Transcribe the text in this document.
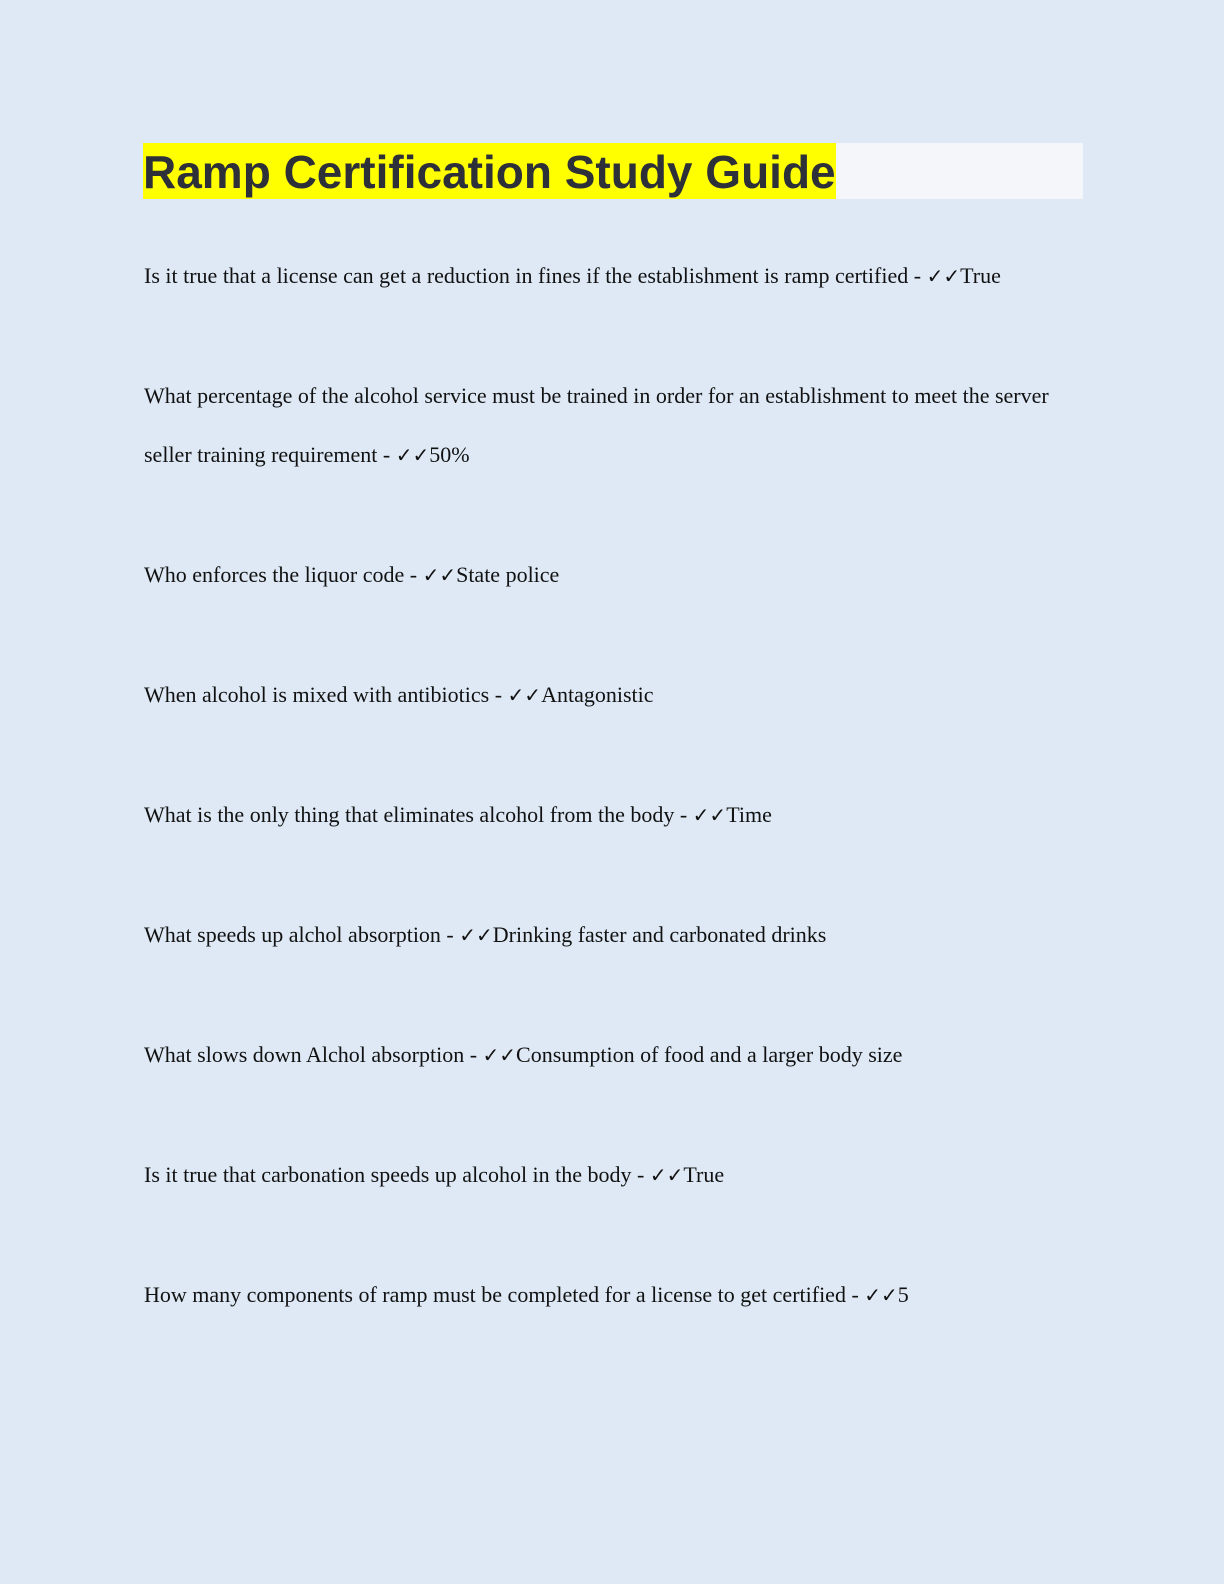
Ramp Certification Study Guide
Is it true that a license can get a reduction in fines if the establishment is ramp certified - ✓✓True
What percentage of the alcohol service must be trained in order for an establishment to meet the server seller training requirement - ✓✓50%
Who enforces the liquor code - ✓✓State police
When alcohol is mixed with antibiotics - ✓✓Antagonistic
What is the only thing that eliminates alcohol from the body - ✓✓Time
What speeds up alchol absorption - ✓✓Drinking faster and carbonated drinks
What slows down Alchol absorption - ✓✓Consumption of food and a larger body size
Is it true that carbonation speeds up alcohol in the body - ✓✓True
How many components of ramp must be completed for a license to get certified - ✓✓5
